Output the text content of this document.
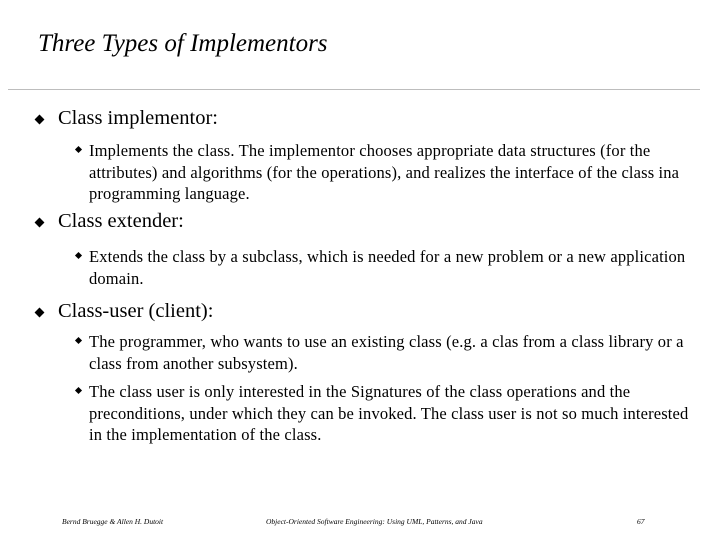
Three Types of Implementors
Class implementor:
Implements the class. The implementor chooses appropriate data structures (for the attributes) and algorithms (for the operations), and realizes the interface of the class ina programming language.
Class extender:
Extends the class by a subclass, which is needed for a new problem or a new application domain.
Class-user (client):
The programmer, who wants to use an existing class (e.g. a clas from a class library or a class from another subsystem).
The class user is only interested in the Signatures of the class operations and the preconditions, under which they can be invoked. The class user is not so much interested in the implementation of the class.
Bernd Bruegge & Allen H. Dutoit	Object-Oriented Software Engineering: Using UML, Patterns, and Java	67
